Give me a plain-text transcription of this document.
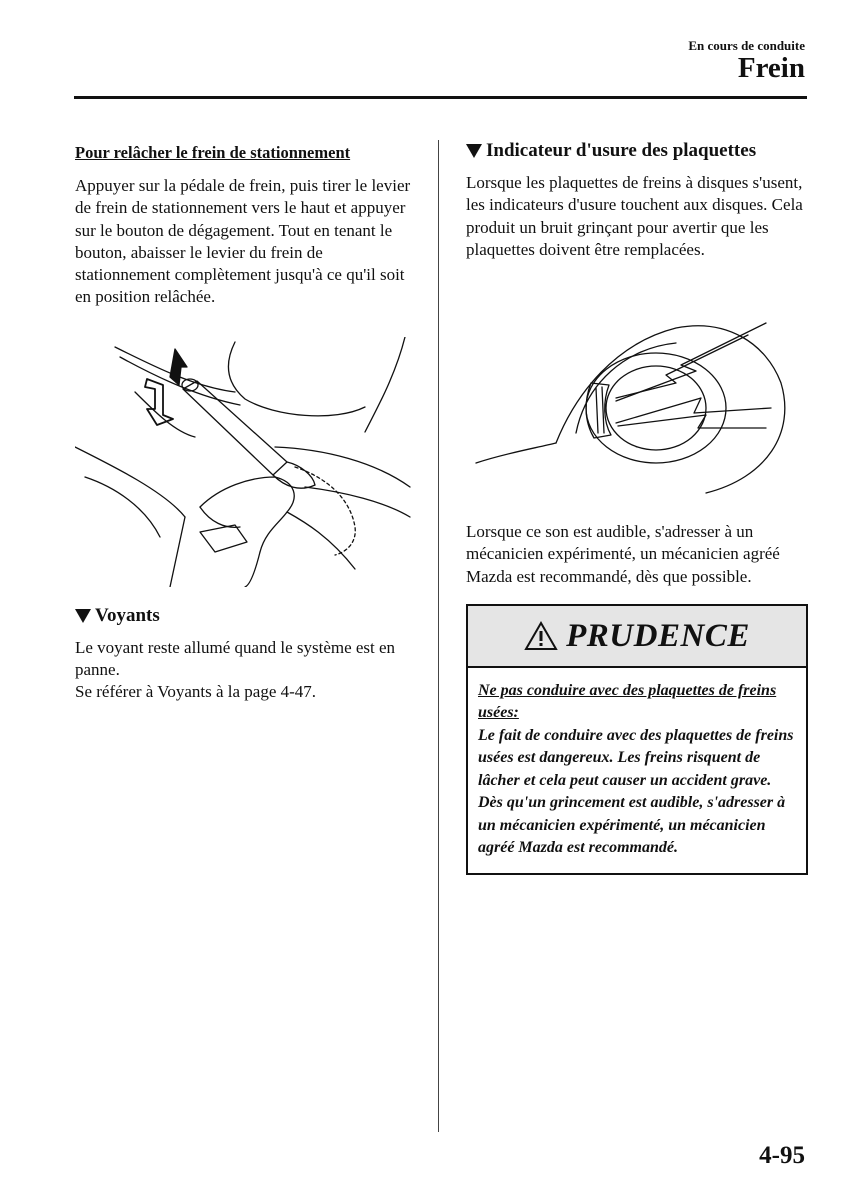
En cours de conduite
Frein
Pour relâcher le frein de stationnement

Appuyer sur la pédale de frein, puis tirer le levier de frein de stationnement vers le haut et appuyer sur le bouton de dégagement. Tout en tenant le bouton, abaisser le levier du frein de stationnement complètement jusqu'à ce qu'il soit en position relâchée.

Voyants

Le voyant reste allumé quand le système est en panne.

Se référer à Voyants à la page 4-47.

Indicateur d'usure des plaquettes

Lorsque les plaquettes de freins à disques s'usent, les indicateurs d'usure touchent aux disques. Cela produit un bruit grinçant pour avertir que les plaquettes doivent être remplacées.

Lorsque ce son est audible, s'adresser à un mécanicien expérimenté, un mécanicien agréé Mazda est recommandé, dès que possible.

PRUDENCE
Ne pas conduire avec des plaquettes de freins usées:
Le fait de conduire avec des plaquettes de freins usées est dangereux. Les freins risquent de lâcher et cela peut causer un accident grave. Dès qu'un grincement est audible, s'adresser à un mécanicien expérimenté, un mécanicien agréé Mazda est recommandé.
4-95
